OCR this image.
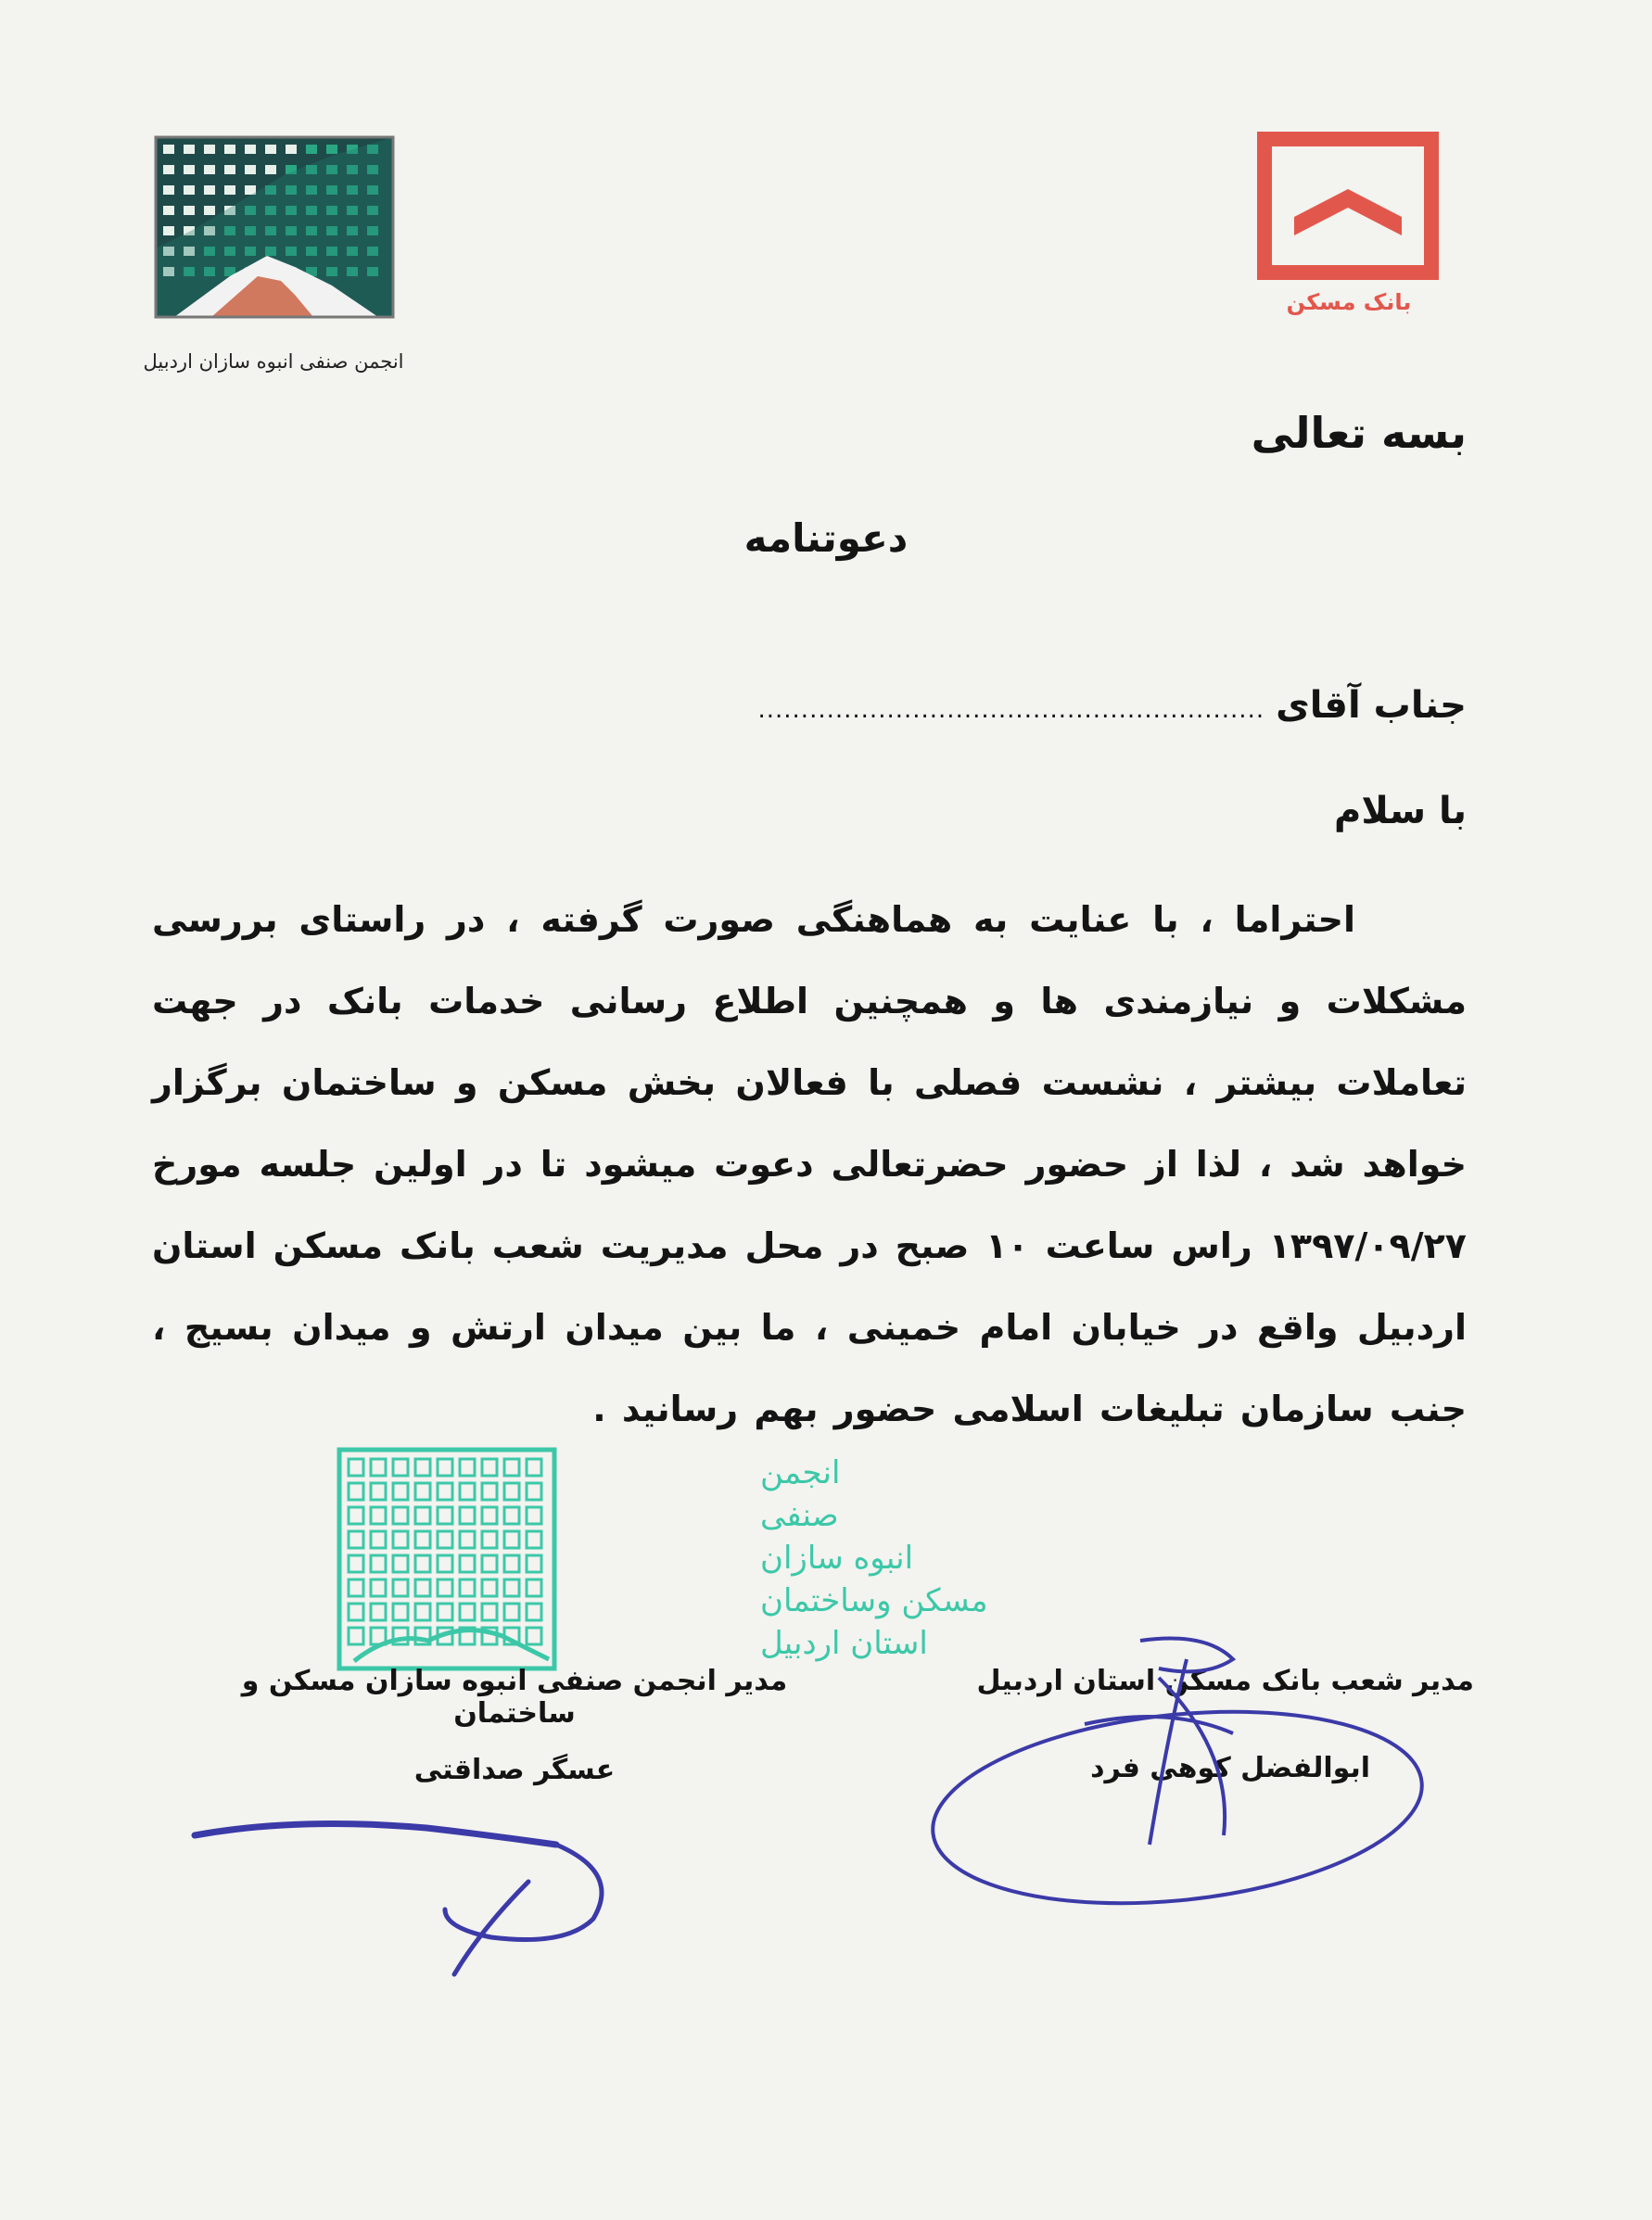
انجمن صنفی انبوه سازان اردبیل
بانک مسکن
بسه تعالی
دعوتنامه
جناب آقای
...........................................................
با سلام
احتراما ، با عنایت به هماهنگی صورت گرفته ، در راستای بررسی مشکلات و نیازمندی ها و همچنین اطلاع رسانی خدمات بانک در جهت تعاملات بیشتر ، نشست فصلی با فعالان بخش مسکن و ساختمان برگزار خواهد شد ، لذا از حضور حضرتعالی دعوت میشود تا در اولین جلسه مورخ ۱۳۹۷/۰۹/۲۷ راس ساعت ۱۰ صبح در محل مدیریت شعب بانک مسکن استان اردبیل واقع در خیابان امام خمینی ، ما بین میدان ارتش و میدان بسیج ، جنب سازمان تبلیغات اسلامی حضور بهم رسانید .
انجمن
صنفی
انبوه سازان
مسکن وساختمان
استان اردبیل
مدیر انجمن صنفی انبوه سازان مسکن و ساختمان
عسگر صداقتی
مدیر شعب بانک مسکن استان اردبیل
ابوالفضل کوهی فرد
